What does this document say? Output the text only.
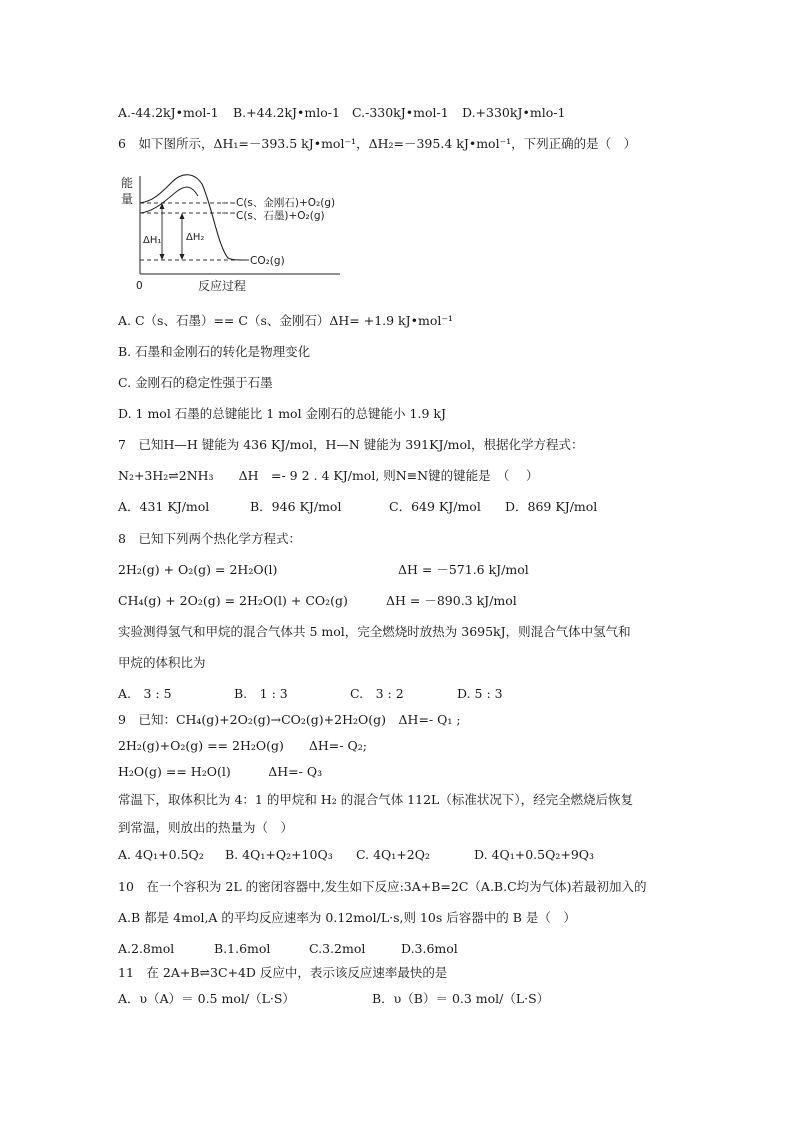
A.-44.2kJ•mol-1 B.+44.2kJ•mlo-1 C.-330kJ•mol-1 D.+330kJ•mlo-1
6　如下图所示，ΔH₁=－393.5 kJ•mol⁻¹，ΔH₂=－395.4 kJ•mol⁻¹，下列正确的是（　）
能
量
ΔH₁ ΔH₂
C(s、金刚石)+O₂(g)
C(s、石墨)+O₂(g)
CO₂(g)
0	反应过程
A. C（s、石墨）== C（s、金刚石）ΔH= +1.9 kJ•mol⁻¹
B. 石墨和金刚石的转化是物理变化
C. 金刚石的稳定性强于石墨
D. 1 mol 石墨的总键能比 1 mol 金刚石的总键能小 1.9 kJ
7　已知H—H 键能为 436 KJ/mol，H—N 键能为 391KJ/mol，根据化学方程式：
N₂+3H₂⇌2NH₃　　ΔH　=- 9 2 . 4 KJ/mol, 则N≡N键的键能是　（　 ）
A．431 KJ/mol	B．946 KJ/mol	C．649 KJ/mol D．869 KJ/mol
8　已知下列两个热化学方程式：
2H₂(g) + O₂(g) = 2H₂O(l)	ΔH = －571.6 kJ/mol
CH₄(g) + 2O₂(g) = 2H₂O(l) + CO₂(g)	ΔH = －890.3 kJ/mol
实验测得氢气和甲烷的混合气体共 5 mol，完全燃烧时放热为 3695kJ，则混合气体中氢气和
甲烷的体积比为
A.　3 : 5	B.　1 : 3	C.　3 : 2	D. 5 : 3
9　已知：CH₄(g)+2O₂(g)→CO₂(g)+2H₂O(g)　ΔH=- Q₁ ;
2H₂(g)+O₂(g) == 2H₂O(g)　　ΔH=- Q₂;
H₂O(g) == H₂O(l)　　　ΔH=- Q₃
常温下，取体积比为 4：1 的甲烷和 H₂ 的混合气体 112L（标准状况下），经完全燃烧后恢复
到常温，则放出的热量为（　）
A. 4Q₁+0.5Q₂ B. 4Q₁+Q₂+10Q₃ C. 4Q₁+2Q₂	D. 4Q₁+0.5Q₂+9Q₃
10　在一个容积为 2L 的密闭容器中,发生如下反应:3A+B=2C（A.B.C均为气体)若最初加入的
A.B 都是 4mol,A 的平均反应速率为 0.12mol/L·s,则 10s 后容器中的 B 是（　）
A.2.8mol	B.1.6mol	C.3.2mol	D.3.6mol
11　在 2A+B⇌3C+4D 反应中，表示该反应速率最快的是
A．υ（A）＝ 0.5 mol/（L·S）	B．υ（B）＝ 0.3 mol/（L·S）
